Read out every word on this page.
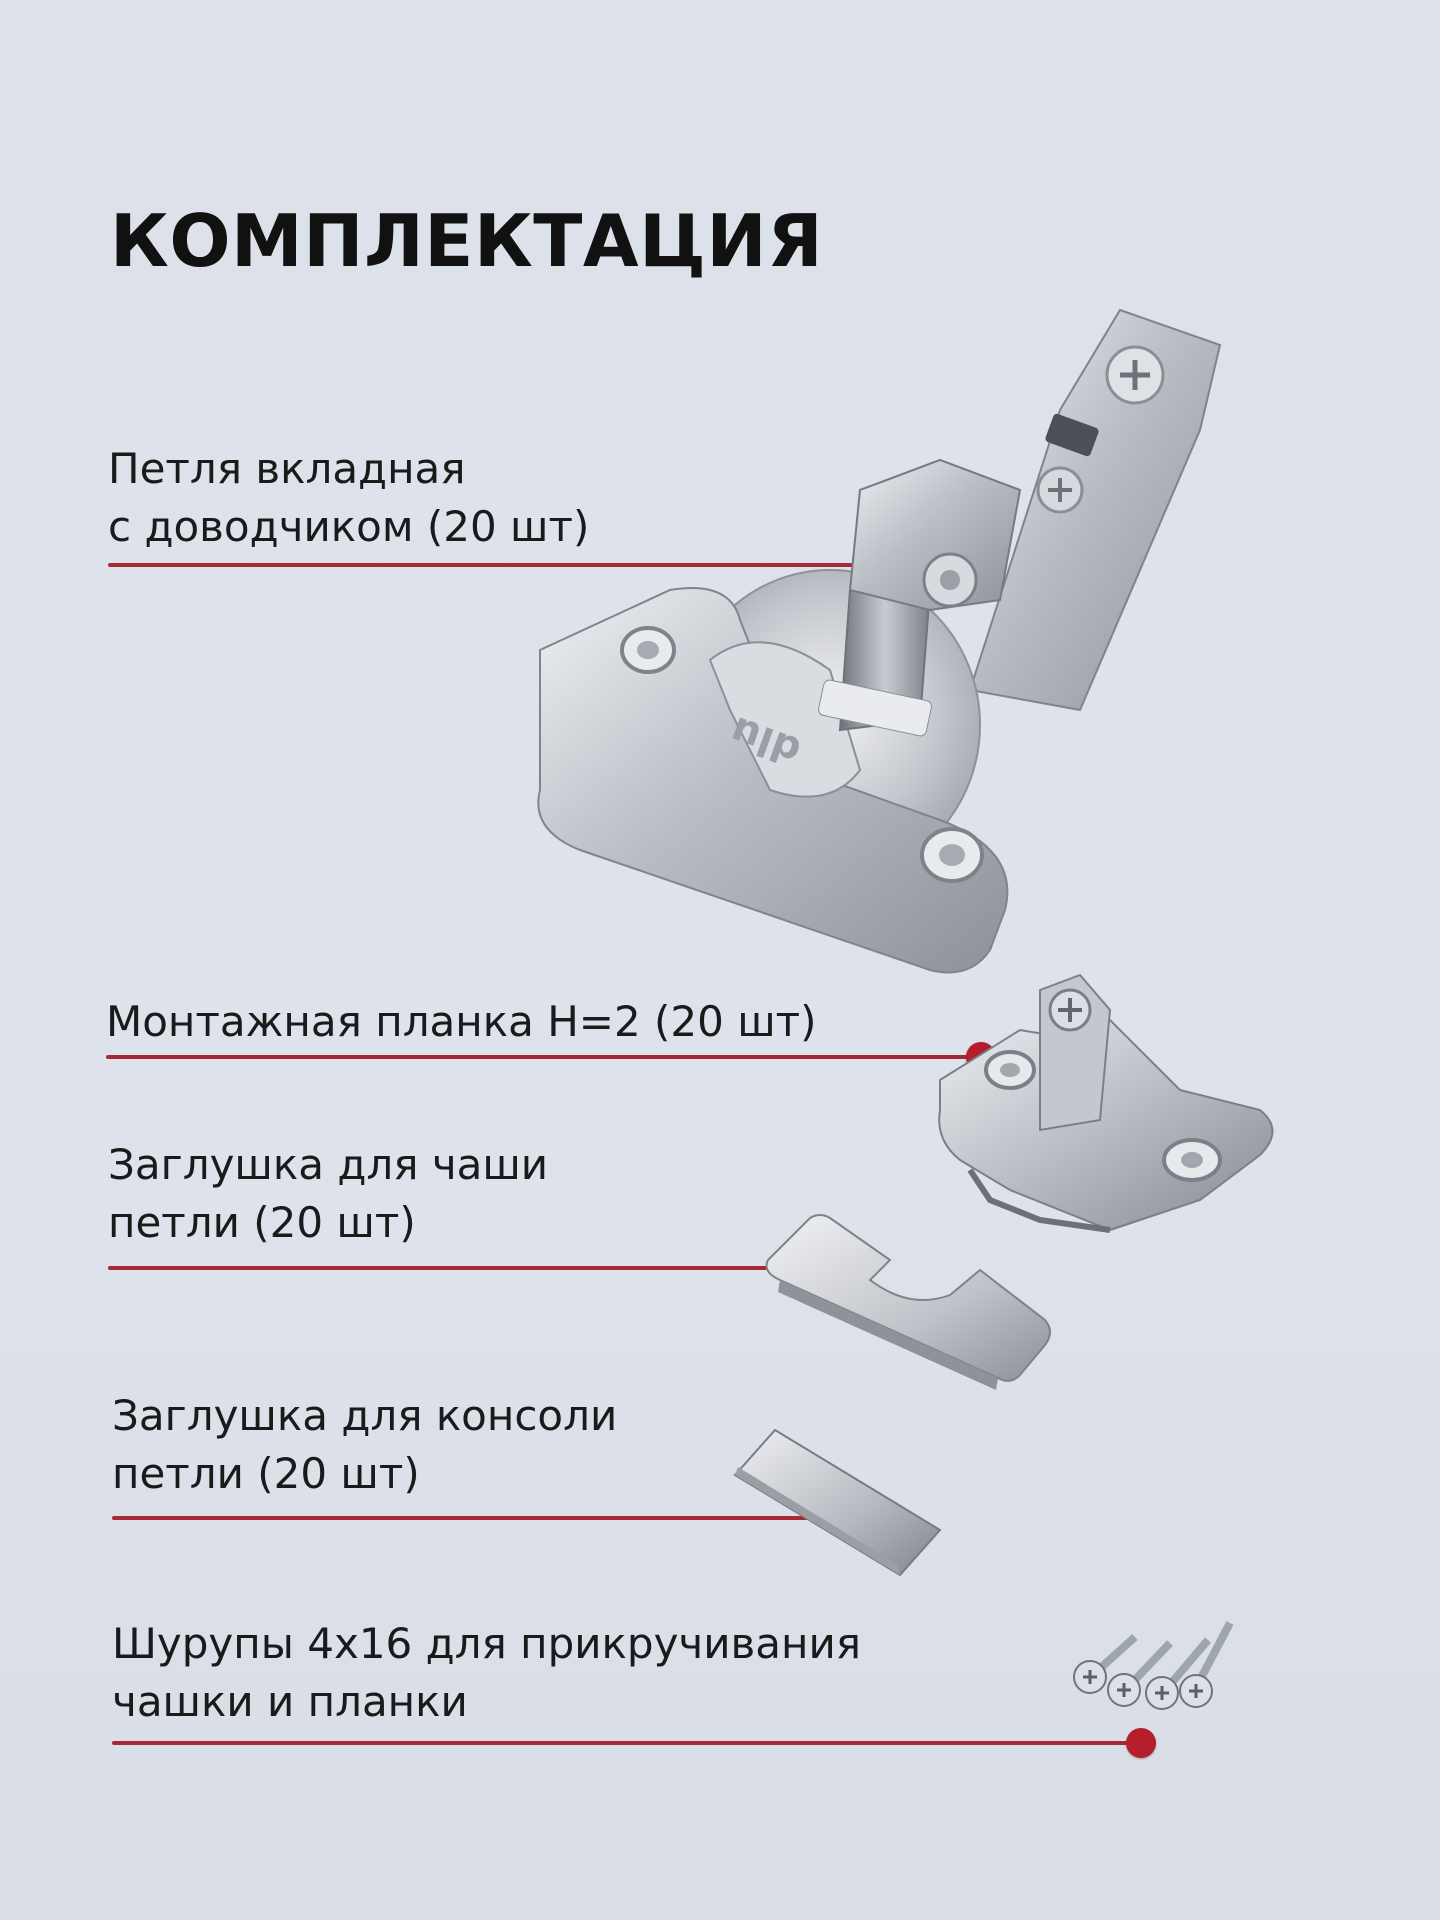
КОМПЛЕКТАЦИЯ
Петля вкладная
с доводчиком (20 шт)
Монтажная планка H=2 (20 шт)
Заглушка для чаши
петли (20 шт)
Заглушка для консоли
петли (20 шт)
Шурупы 4x16 для прикручивания
чашки и планки
dlu
